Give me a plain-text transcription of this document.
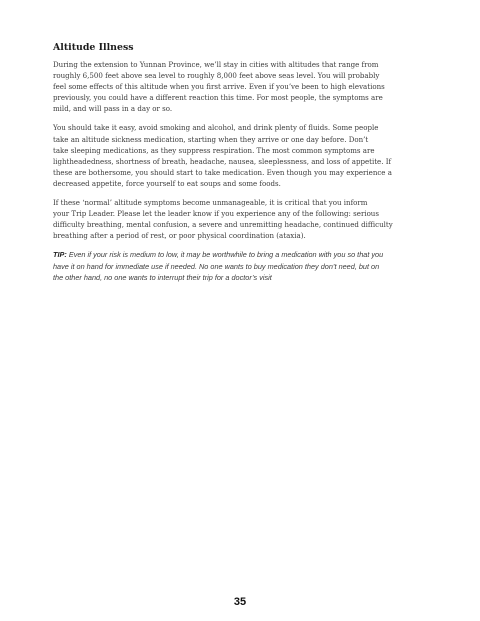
Altitude Illness

During the extension to Yunnan Province, we’ll stay in cities with altitudes that range from
roughly 6,500 feet above sea level to roughly 8,000 feet above seas level. You will probably
feel some effects of this altitude when you first arrive. Even if you’ve been to high elevations
previously, you could have a different reaction this time. For most people, the symptoms are
mild, and will pass in a day or so.

You should take it easy, avoid smoking and alcohol, and drink plenty of fluids. Some people
take an altitude sickness medication, starting when they arrive or one day before. Don’t
take sleeping medications, as they suppress respiration. The most common symptoms are
lightheadedness, shortness of breath, headache, nausea, sleeplessness, and loss of appetite. If
these are bothersome, you should start to take medication. Even though you may experience a
decreased appetite, force yourself to eat soups and some foods.

If these ‘normal’ altitude symptoms become unmanageable, it is critical that you inform
your Trip Leader. Please let the leader know if you experience any of the following: serious
difficulty breathing, mental confusion, a severe and unremitting headache, continued difficulty
breathing after a period of rest, or poor physical coordination (ataxia).

TIP: Even if your risk is medium to low, it may be worthwhile to bring a medication with you so that you
have it on hand for immediate use if needed. No one wants to buy medication they don’t need, but on
the other hand, no one wants to interrupt their trip for a doctor’s visit

35
